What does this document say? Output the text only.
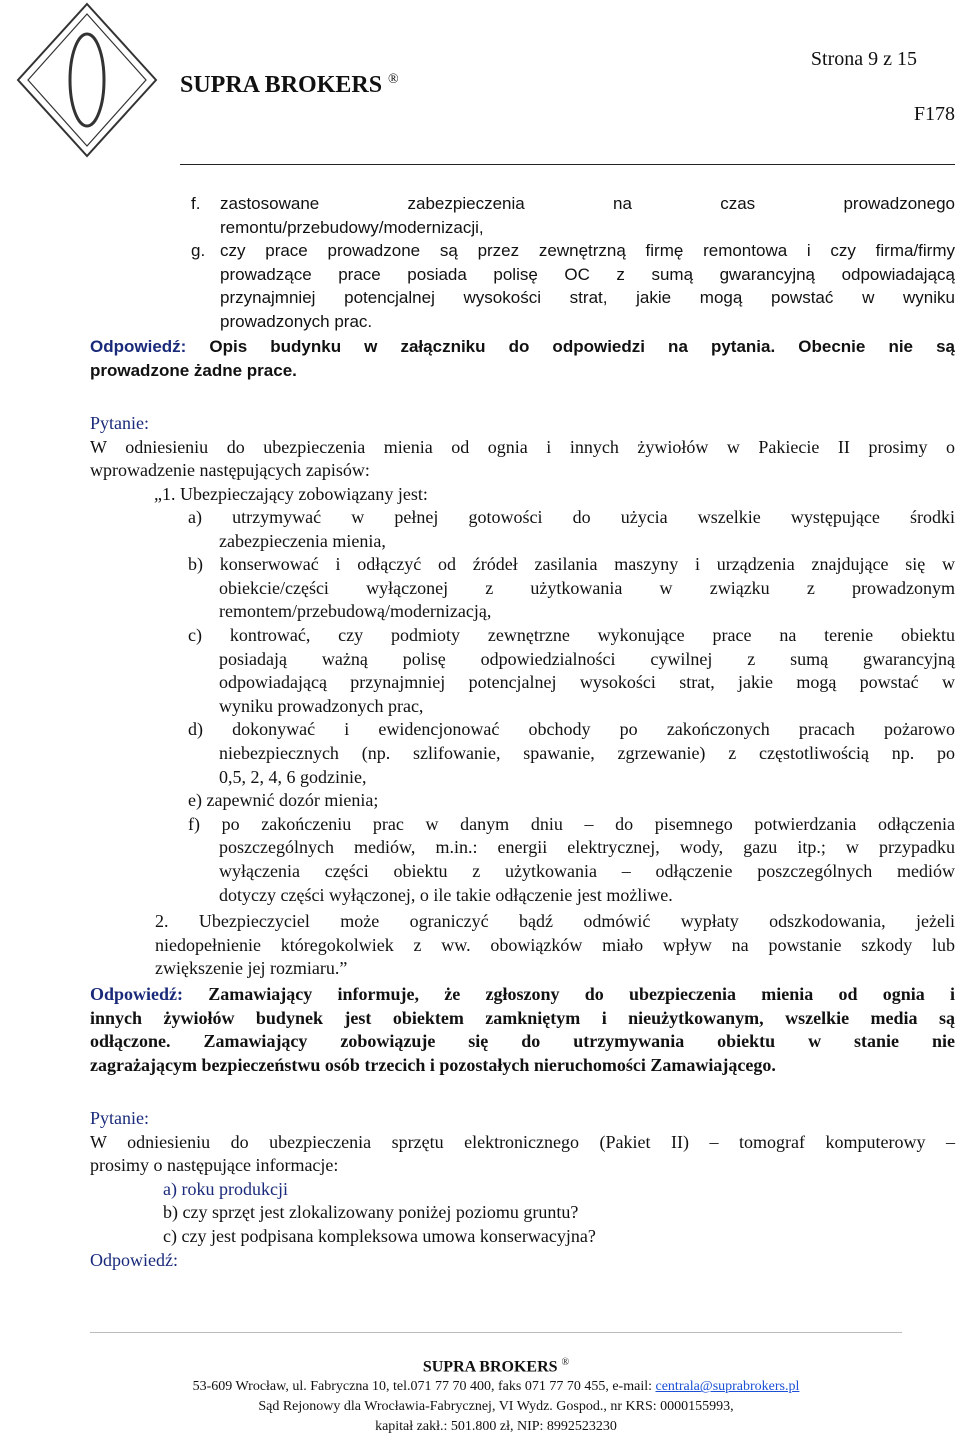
Strona 9 z 15
SUPRA BROKERS ®
F178
f. zastosowane zabezpieczenia na czas prowadzonego
remontu/przebudowy/modernizacji,
g. czy prace prowadzone są przez zewnętrzną firmę remontowa i czy firma/firmy
prowadzące prace posiada polisę OC z sumą gwarancyjną odpowiadającą
przynajmniej potencjalnej wysokości strat, jakie mogą powstać w wyniku
prowadzonych prac.
Odpowiedź: Opis budynku w załączniku do odpowiedzi na pytania. Obecnie nie są
prowadzone żadne prace.
Pytanie:
W odniesieniu do ubezpieczenia mienia od ognia i innych żywiołów w Pakiecie II prosimy o
wprowadzenie następujących zapisów:
„1. Ubezpieczający zobowiązany jest:
a) utrzymywać w pełnej gotowości do użycia wszelkie występujące środki
zabezpieczenia mienia,
b) konserwować i odłączyć od źródeł zasilania maszyny i urządzenia znajdujące się w
obiekcie/części wyłączonej z użytkowania w związku z prowadzonym
remontem/przebudową/modernizacją,
c) kontrować, czy podmioty zewnętrzne wykonujące prace na terenie obiektu
posiadają ważną polisę odpowiedzialności cywilnej z sumą gwarancyjną
odpowiadającą przynajmniej potencjalnej wysokości strat, jakie mogą powstać w
wyniku prowadzonych prac,
d) dokonywać i ewidencjonować obchody po zakończonych pracach pożarowo
niebezpiecznych (np. szlifowanie, spawanie, zgrzewanie) z częstotliwością np. po
0,5, 2, 4, 6 godzinie,
e) zapewnić dozór mienia;
f) po zakończeniu prac w danym dniu – do pisemnego potwierdzania odłączenia
poszczególnych mediów, m.in.: energii elektrycznej, wody, gazu itp.; w przypadku
wyłączenia części obiektu z użytkowania – odłączenie poszczególnych mediów
dotyczy części wyłączonej, o ile takie odłączenie jest możliwe.
2. Ubezpieczyciel może ograniczyć bądź odmówić wypłaty odszkodowania, jeżeli
niedopełnienie któregokolwiek z ww. obowiązków miało wpływ na powstanie szkody lub
zwiększenie jej rozmiaru.”
Odpowiedź: Zamawiający informuje, że zgłoszony do ubezpieczenia mienia od ognia i
innych żywiołów budynek jest obiektem zamkniętym i nieużytkowanym, wszelkie media są
odłączone. Zamawiający zobowiązuje się do utrzymywania obiektu w stanie nie
zagrażającym bezpieczeństwu osób trzecich i pozostałych nieruchomości Zamawiającego.
Pytanie:
W odniesieniu do ubezpieczenia sprzętu elektronicznego (Pakiet II) – tomograf komputerowy –
prosimy o następujące informacje:
a) roku produkcji
b) czy sprzęt jest zlokalizowany poniżej poziomu gruntu?
c) czy jest podpisana kompleksowa umowa konserwacyjna?
Odpowiedź:
SUPRA BROKERS ®
53-609 Wrocław, ul. Fabryczna 10, tel.071 77 70 400, faks 071 77 70 455, e-mail: centrala@suprabrokers.pl
Sąd Rejonowy dla Wrocławia-Fabrycznej, VI Wydz. Gospod., nr KRS: 0000155993,
kapitał zakł.: 501.800 zł, NIP: 8992523230
